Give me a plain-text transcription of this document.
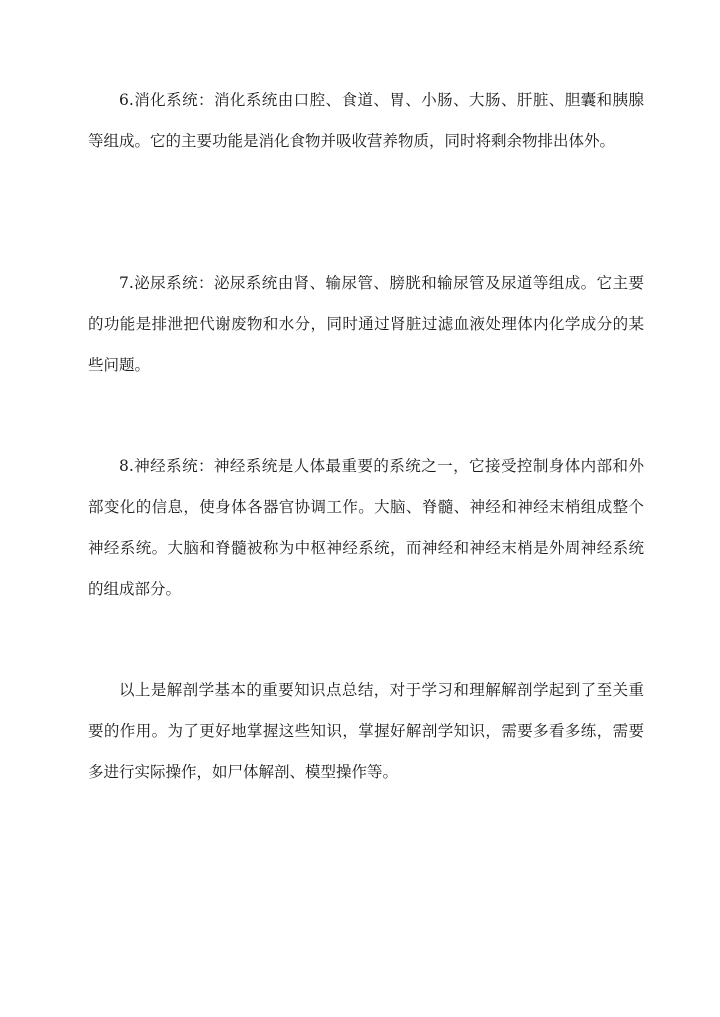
6.消化系统：消化系统由口腔、食道、胃、小肠、大肠、肝脏、胆囊和胰腺等组成。它的主要功能是消化食物并吸收营养物质，同时将剩余物排出体外。

7.泌尿系统：泌尿系统由肾、输尿管、膀胱和输尿管及尿道等组成。它主要的功能是排泄把代谢废物和水分，同时通过肾脏过滤血液处理体内化学成分的某些问题。

8.神经系统：神经系统是人体最重要的系统之一，它接受控制身体内部和外部变化的信息，使身体各器官协调工作。大脑、脊髓、神经和神经末梢组成整个神经系统。大脑和脊髓被称为中枢神经系统，而神经和神经末梢是外周神经系统的组成部分。

以上是解剖学基本的重要知识点总结，对于学习和理解解剖学起到了至关重要的作用。为了更好地掌握这些知识，掌握好解剖学知识，需要多看多练，需要多进行实际操作，如尸体解剖、模型操作等。
